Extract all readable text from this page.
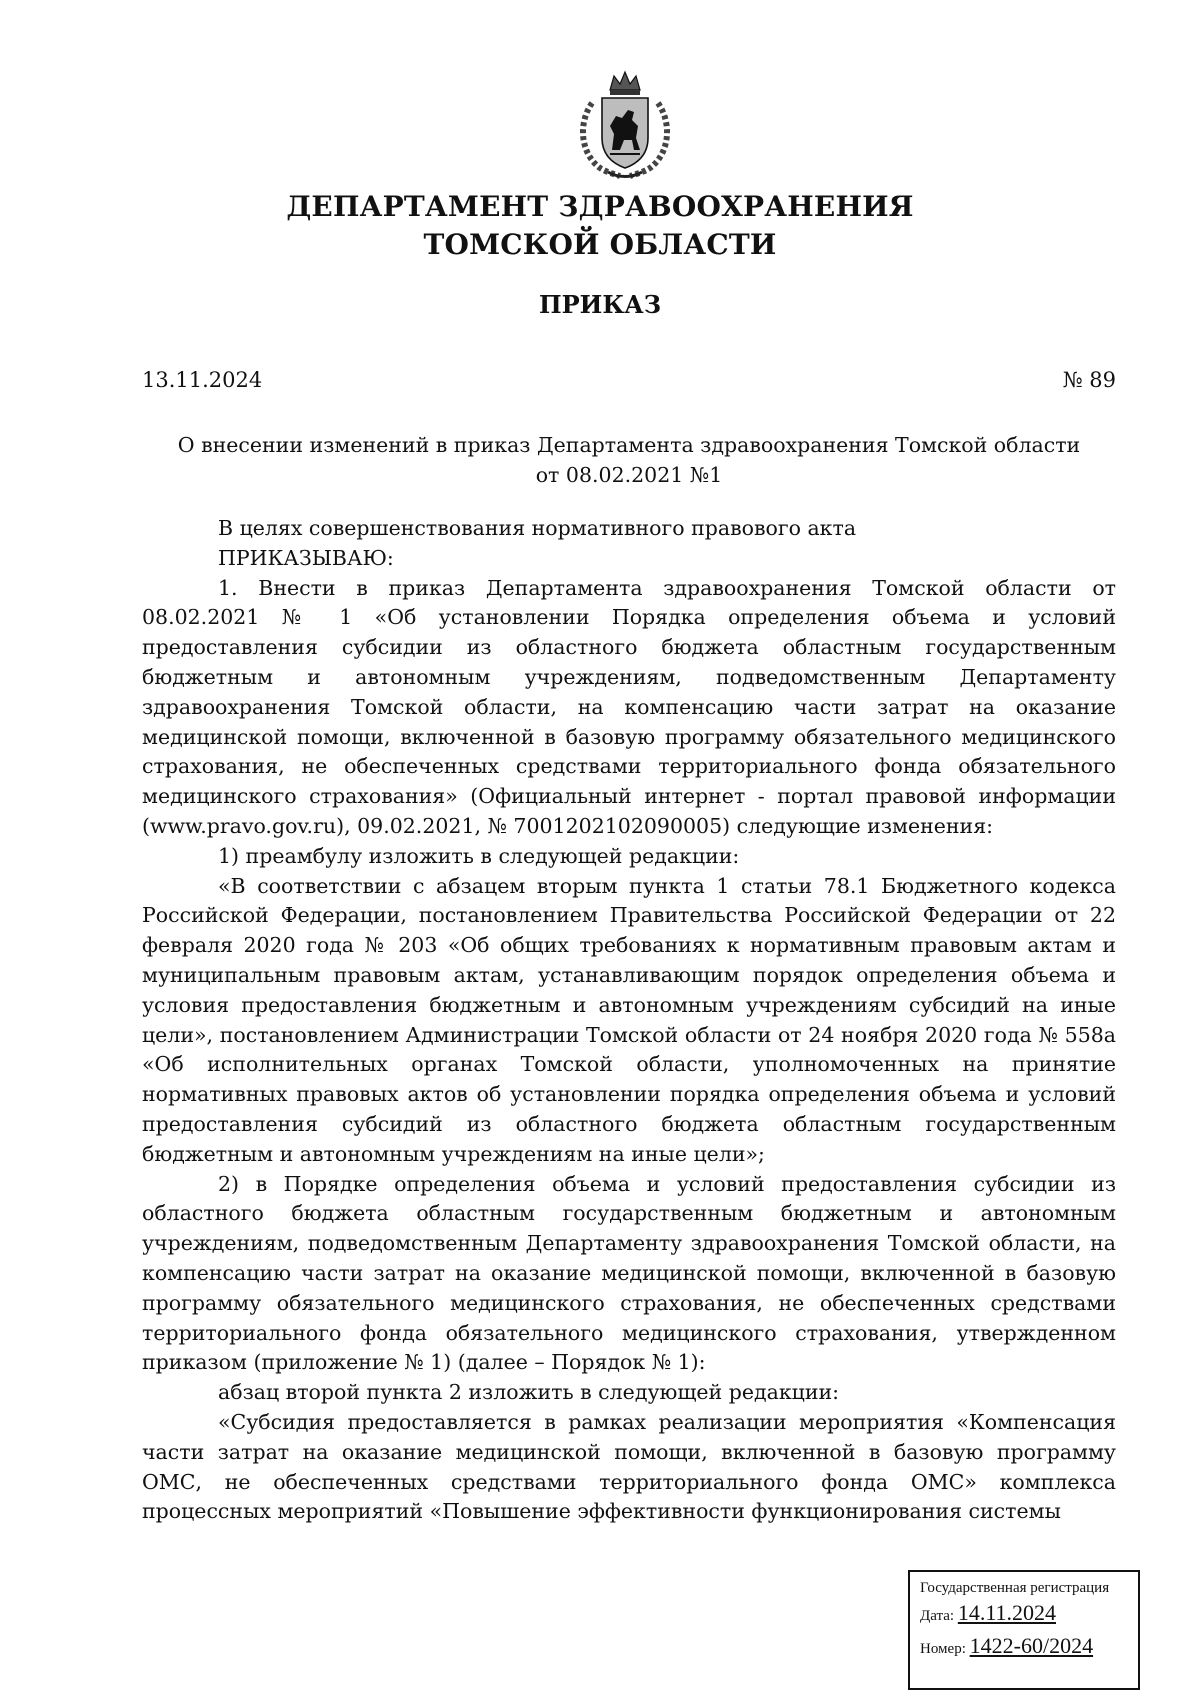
ДЕПАРТАМЕНТ ЗДРАВООХРАНЕНИЯ
ТОМСКОЙ ОБЛАСТИ
ПРИКАЗ
13.11.2024	№ 89
О внесении изменений в приказ Департамента здравоохранения Томской области
от 08.02.2021 №1

В целях совершенствования нормативного правового акта

ПРИКАЗЫВАЮ:

1. Внести в приказ Департамента здравоохранения Томской области от 08.02.2021 № 1 «Об установлении Порядка определения объема и условий предоставления субсидии из областного бюджета областным государственным бюджетным и автономным учреждениям, подведомственным Департаменту здравоохранения Томской области, на компенсацию части затрат на оказание медицинской помощи, включенной в базовую программу обязательного медицинского страхования, не обеспеченных средствами территориального фонда обязательного медицинского страхования» (Официальный интернет - портал правовой информации (www.pravo.gov.ru), 09.02.2021, № 7001202102090005) следующие изменения:

1) преамбулу изложить в следующей редакции:

«В соответствии с абзацем вторым пункта 1 статьи 78.1 Бюджетного кодекса Российской Федерации, постановлением Правительства Российской Федерации от 22 февраля 2020 года № 203 «Об общих требованиях к нормативным правовым актам и муниципальным правовым актам, устанавливающим порядок определения объема и условия предоставления бюджетным и автономным учреждениям субсидий на иные цели», постановлением Администрации Томской области от 24 ноября 2020 года № 558а «Об исполнительных органах Томской области, уполномоченных на принятие нормативных правовых актов об установлении порядка определения объема и условий предоставления субсидий из областного бюджета областным государственным бюджетным и автономным учреждениям на иные цели»;

2) в Порядке определения объема и условий предоставления субсидии из областного бюджета областным государственным бюджетным и автономным учреждениям, подведомственным Департаменту здравоохранения Томской области, на компенсацию части затрат на оказание медицинской помощи, включенной в базовую программу обязательного медицинского страхования, не обеспеченных средствами территориального фонда обязательного медицинского страхования, утвержденном приказом (приложение № 1) (далее – Порядок № 1):

абзац второй пункта 2 изложить в следующей редакции:

«Субсидия предоставляется в рамках реализации мероприятия «Компенсация части затрат на оказание медицинской помощи, включенной в базовую программу ОМС, не обеспеченных средствами территориального фонда ОМС» комплекса процессных мероприятий «Повышение эффективности функционирования системы

Государственная регистрация
Дата: 14.11.2024
Номер: 1422-60/2024
